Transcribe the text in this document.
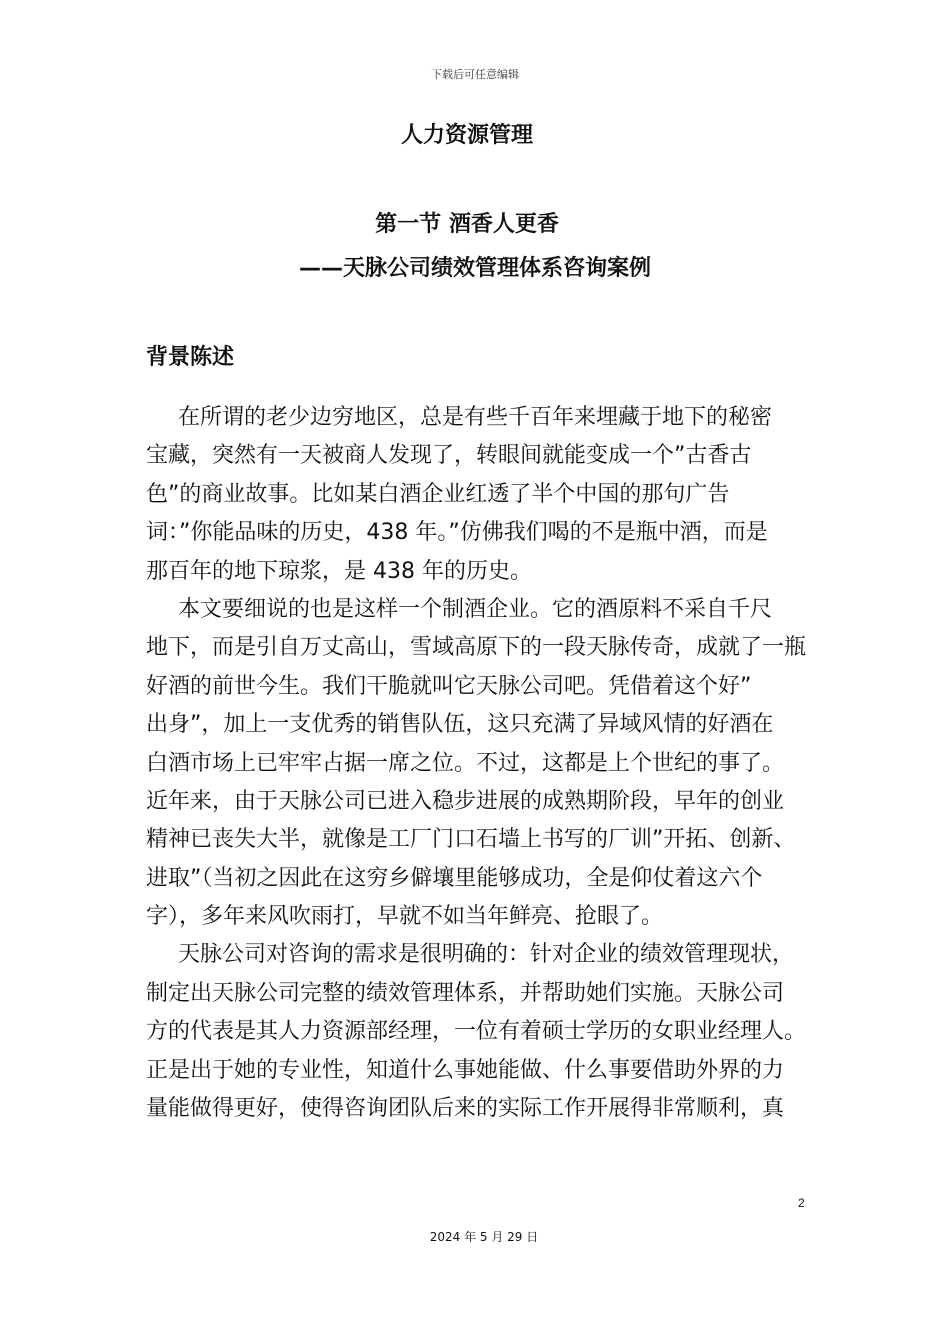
下载后可任意编辑
人力资源管理
第一节 酒香人更香
——天脉公司绩效管理体系咨询案例
背景陈述
在所谓的老少边穷地区，总是有些千百年来埋藏于地下的秘密
宝藏，突然有一天被商人发现了，转眼间就能变成一个”古香古
色”的商业故事。比如某白酒企业红透了半个中国的那句广告
词：”你能品味的历史，438 年。”仿佛我们喝的不是瓶中酒，而是
那百年的地下琼浆，是 438 年的历史。
本文要细说的也是这样一个制酒企业。它的酒原料不采自千尺
地下，而是引自万丈高山，雪域高原下的一段天脉传奇，成就了一瓶
好酒的前世今生。我们干脆就叫它天脉公司吧。凭借着这个好”
出身”，加上一支优秀的销售队伍，这只充满了异域风情的好酒在
白酒市场上已牢牢占据一席之位。不过，这都是上个世纪的事了。
近年来，由于天脉公司已进入稳步进展的成熟期阶段，早年的创业
精神已丧失大半，就像是工厂门口石墙上书写的厂训”开拓、创新、
进取”（当初之因此在这穷乡僻壤里能够成功，全是仰仗着这六个
字），多年来风吹雨打，早就不如当年鲜亮、抢眼了。
天脉公司对咨询的需求是很明确的：针对企业的绩效管理现状，
制定出天脉公司完整的绩效管理体系，并帮助她们实施。天脉公司
方的代表是其人力资源部经理，一位有着硕士学历的女职业经理人。
正是出于她的专业性，知道什么事她能做、什么事要借助外界的力
量能做得更好，使得咨询团队后来的实际工作开展得非常顺利，真
2
2024 年 5 月 29 日
